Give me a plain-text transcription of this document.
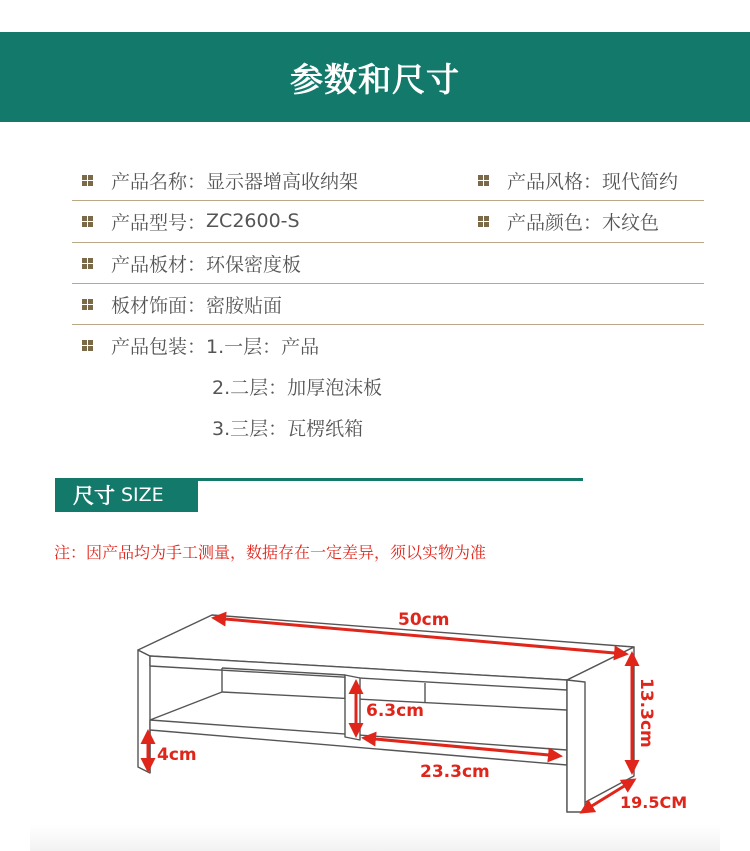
参数和尺寸
产品名称 ： 显示器增高收纳架	产品风格 ： 现代简约
产品型号 ： ZC2600-S	产品颜色 ： 木纹色
产品板材 ： 环保密度板
板材饰面 ： 密胺贴面
产品包装 ： 1.一层：产品
2.二层：加厚泡沫板
3.三层：瓦楞纸箱
尺寸 SIZE
注：因产品均为手工测量，数据存在一定差异，须以实物为准
50cm
6.3cm
4cm
23.3cm
19.5CM
13.3cm
